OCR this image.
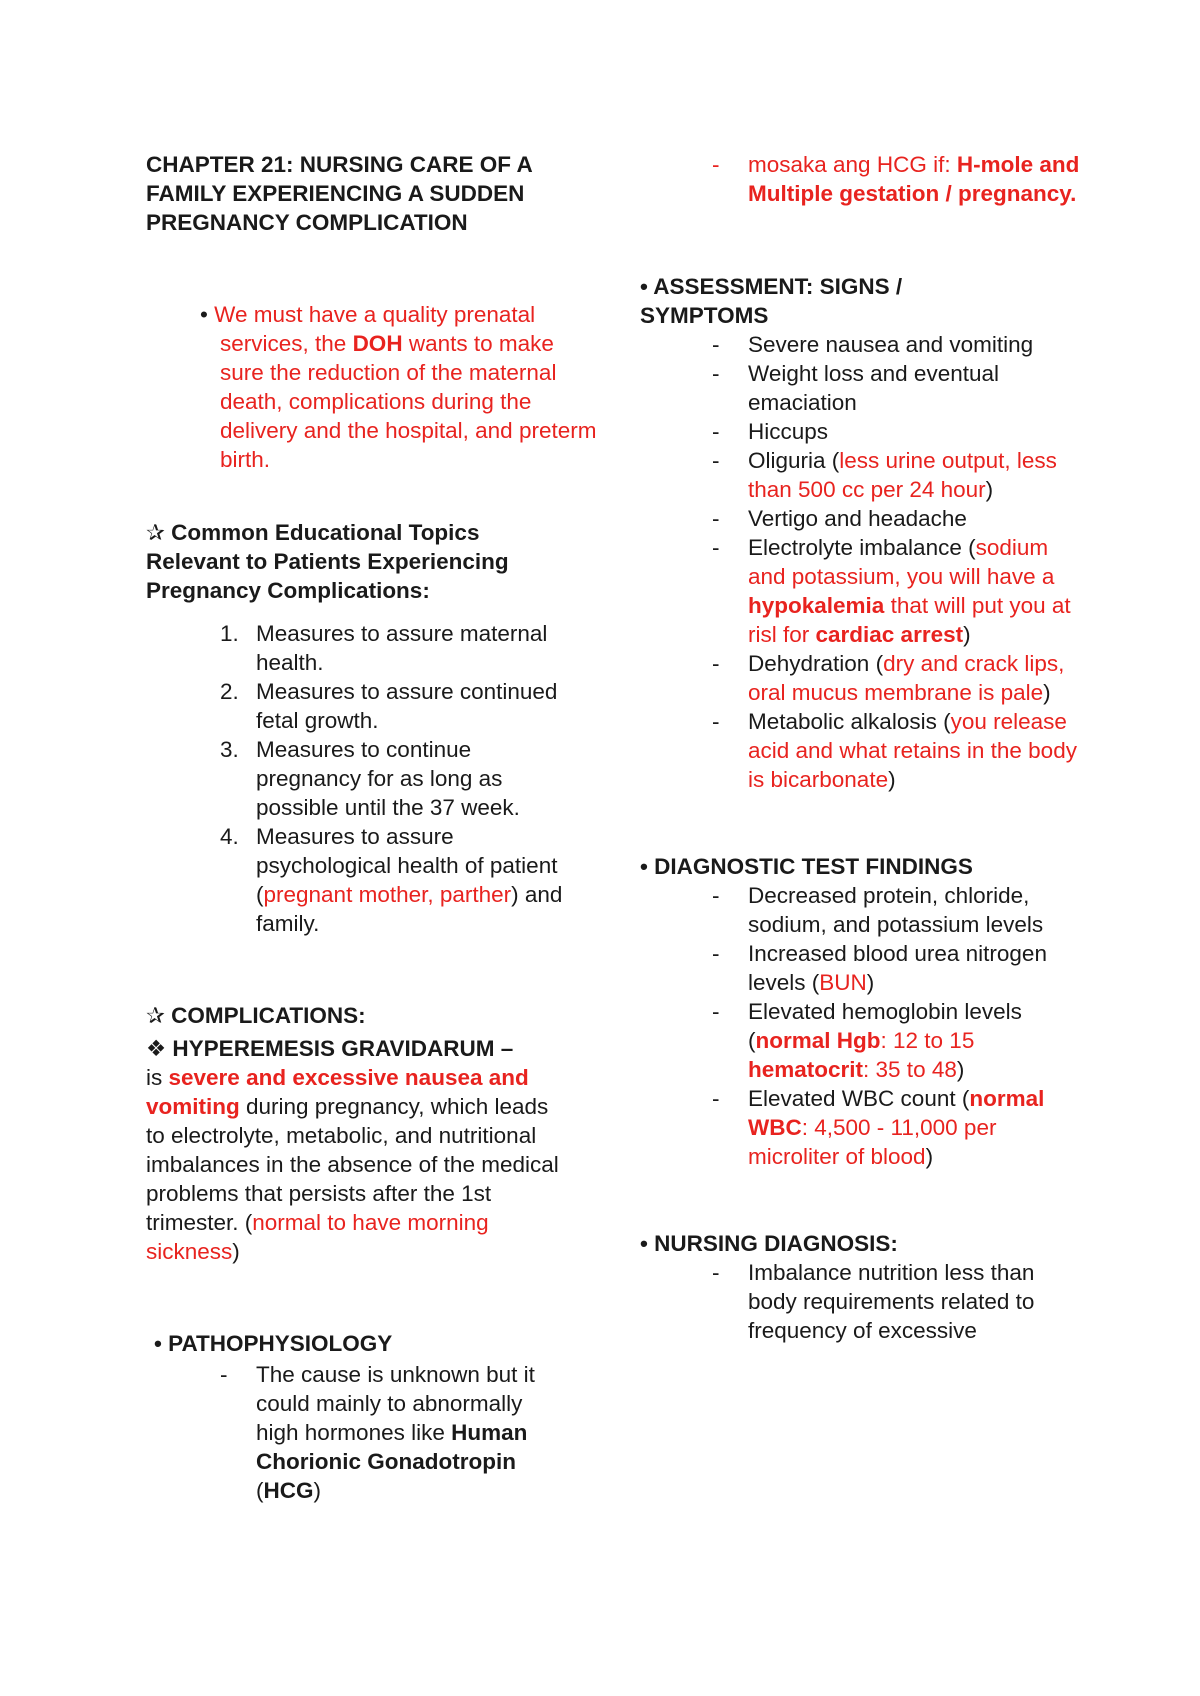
CHAPTER 21: NURSING CARE OF A FAMILY EXPERIENCING A SUDDEN PREGNANCY COMPLICATION

• We must have a quality prenatal services, the DOH wants to make sure the reduction of the maternal death, complications during the delivery and the hospital, and preterm birth.

✰ Common Educational Topics Relevant to Patients Experiencing Pregnancy Complications:

1. Measures to assure maternal health.
2. Measures to assure continued fetal growth.
3. Measures to continue pregnancy for as long as possible until the 37 week.
4. Measures to assure psychological health of patient (pregnant mother, parther) and family.

✰ COMPLICATIONS:

❖ HYPEREMESIS GRAVIDARUM –

is severe and excessive nausea and vomiting during pregnancy, which leads to electrolyte, metabolic, and nutritional imbalances in the absence of the medical problems that persists after the 1st trimester. (normal to have morning sickness)

• PATHOPHYSIOLOGY

- The cause is unknown but it could mainly to abnormally high hormones like Human Chorionic Gonadotropin (HCG)
- mosaka ang HCG if: H-mole and Multiple gestation / pregnancy.

• ASSESSMENT: SIGNS / SYMPTOMS

- Severe nausea and vomiting
- Weight loss and eventual emaciation
- Hiccups
- Oliguria (less urine output, less than 500 cc per 24 hour)
- Vertigo and headache
- Electrolyte imbalance (sodium and potassium, you will have a hypokalemia that will put you at risl for cardiac arrest)
- Dehydration (dry and crack lips, oral mucus membrane is pale)
- Metabolic alkalosis (you release acid and what retains in the body is bicarbonate)

• DIAGNOSTIC TEST FINDINGS

- Decreased protein, chloride, sodium, and potassium levels
- Increased blood urea nitrogen levels (BUN)
- Elevated hemoglobin levels (normal Hgb: 12 to 15 hematocrit: 35 to 48)
- Elevated WBC count (normal WBC: 4,500 - 11,000 per microliter of blood)

• NURSING DIAGNOSIS:

- Imbalance nutrition less than body requirements related to frequency of excessive
